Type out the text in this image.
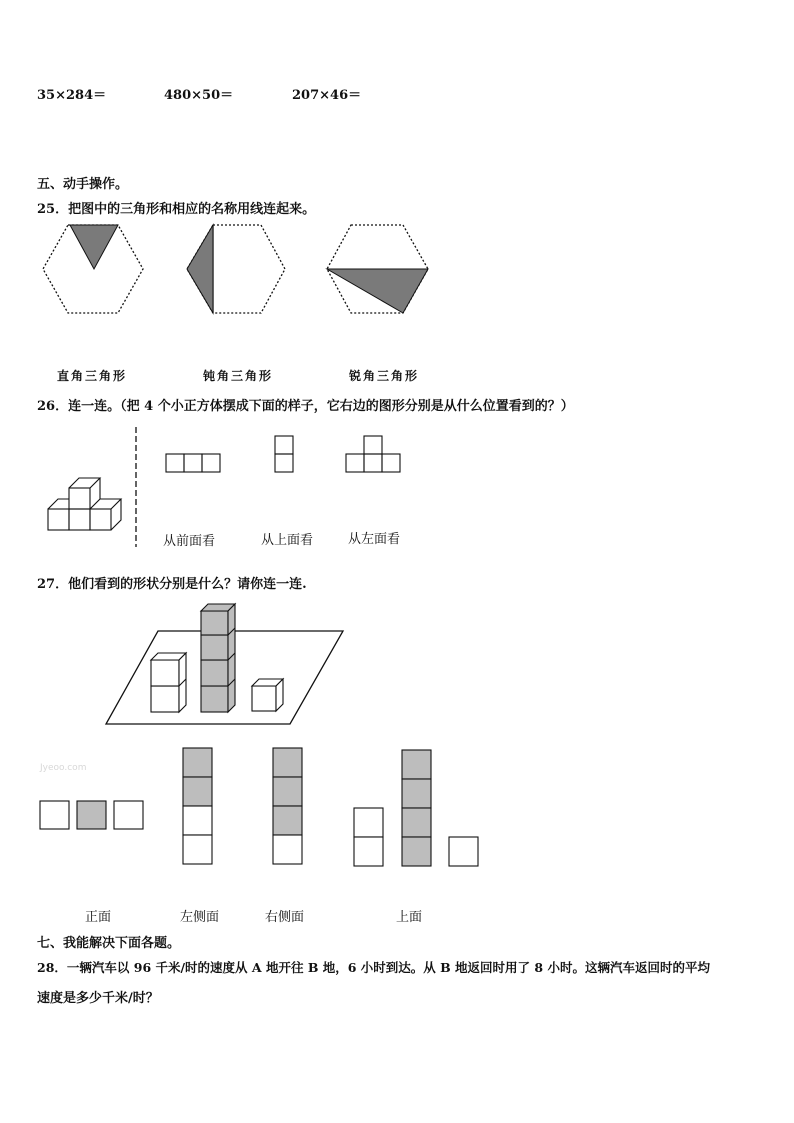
35×284＝	480×50＝	207×46＝
五、动手操作。
25．把图中的三角形和相应的名称用线连起来。
直角三角形	钝角三角形	锐角三角形
26．连一连。（把 4 个小正方体摆成下面的样子，它右边的图形分别是从什么位置看到的？）
从前面看	从上面看	从左面看
27．他们看到的形状分别是什么？请你连一连.
Jyeoo.com
正面	左侧面	右侧面	上面
七、我能解决下面各题。
28．一辆汽车以 96 千米/时的速度从 A 地开往 B 地，6 小时到达。从 B 地返回时用了 8 小时。这辆汽车返回时的平均
速度是多少千米/时？
